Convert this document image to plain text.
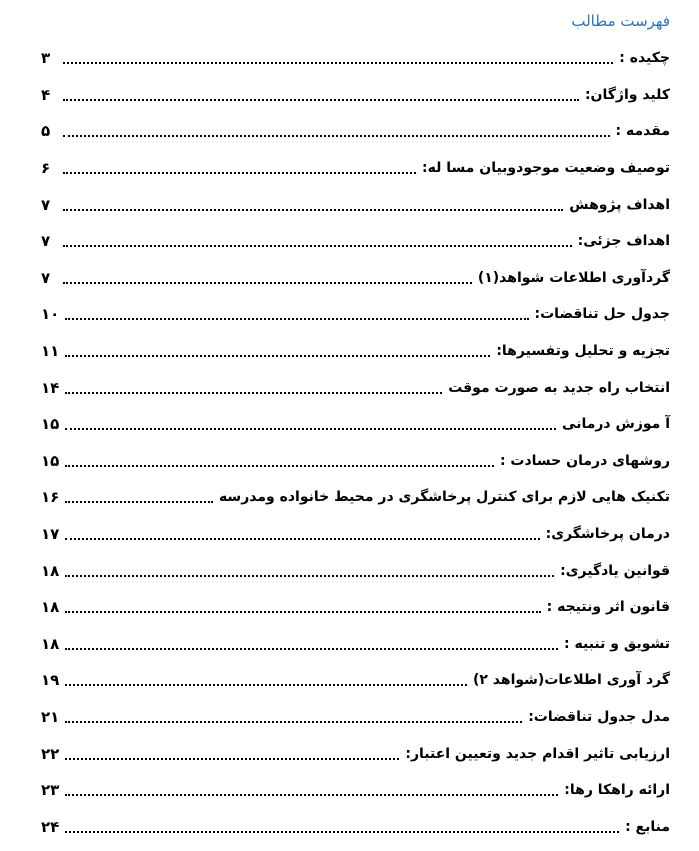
فهرست مطالب
چکیده :
۳
کلید واژگان:
۴
مقدمه :
۵
توصیف وضعیت موجودوبیان مسا له:
۶
اهداف پژوهش
۷
اهداف جزئی:
۷
گردآوری اطلاعات شواهد(۱)
۷
جدول حل تناقضات:
۱۰
تجزیه و تحلیل وتفسیرها:
۱۱
انتخاب راه جدید به صورت موقت
۱۴
آ موزش درمانی
۱۵
روشهای درمان حسادت :
۱۵
تکنیک هایی لازم برای کنترل پرخاشگری در محیط خانواده ومدرسه
۱۶
درمان پرخاشگری:
۱۷
قوانین یادگیری:
۱۸
قانون اثر ونتیجه :
۱۸
تشویق و تنبیه :
۱۸
گرد آوری اطلاعات(شواهد ۲)
۱۹
مدل جدول تناقضات:
۲۱
ارزیابی تاثیر اقدام جدید وتعیین اعتبار:
۲۲
ارائه راهکا رها:
۲۳
منابع :
۲۴
